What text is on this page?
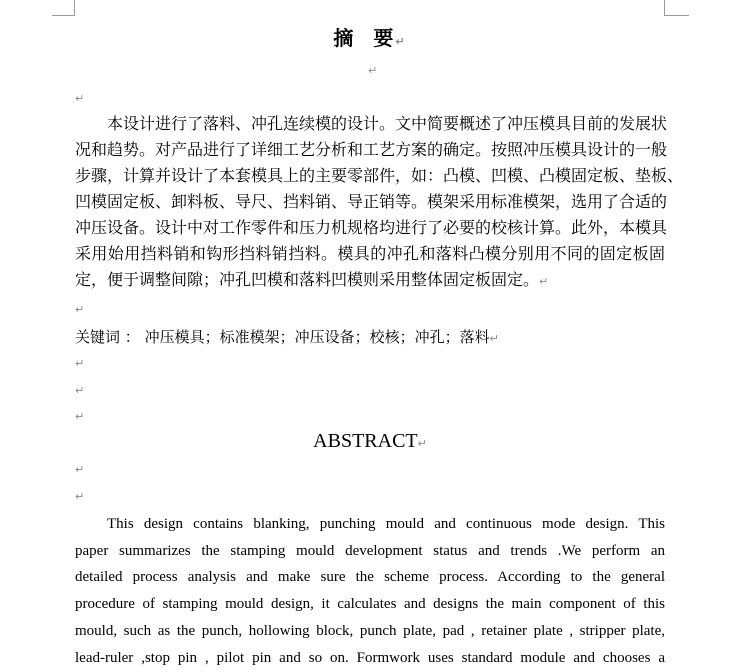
摘 要↵
↵
↵
本设计进行了落料、冲孔连续模的设计。文中简要概述了冲压模具目前的发展状
况和趋势。对产品进行了详细工艺分析和工艺方案的确定。按照冲压模具设计的一般
步骤，计算并设计了本套模具上的主要零部件，如：凸模、凹模、凸模固定板、垫板、
凹模固定板、卸料板、导尺、挡料销、导正销等。模架采用标准模架，选用了合适的
冲压设备。设计中对工作零件和压力机规格均进行了必要的校核计算。此外，本模具
采用始用挡料销和钩形挡料销挡料。模具的冲孔和落料凸模分别用不同的固定板固
定，便于调整间隙；冲孔凹模和落料凹模则采用整体固定板固定。↵
↵
关键词 ： 冲压模具；标准模架；冲压设备；校核；冲孔；落料↵
↵
↵
↵
ABSTRACT↵
↵
↵
This design contains blanking, punching mould and continuous mode design. This
paper summarizes the stamping mould development status and trends .We perform an
detailed process analysis and make sure the scheme process. According to the general
procedure of stamping mould design, it calculates and designs the main component of this
mould, such as the punch, hollowing block, punch plate, pad , retainer plate , stripper plate,
lead-ruler ,stop pin , pilot pin and so on. Formwork uses standard module and chooses a
